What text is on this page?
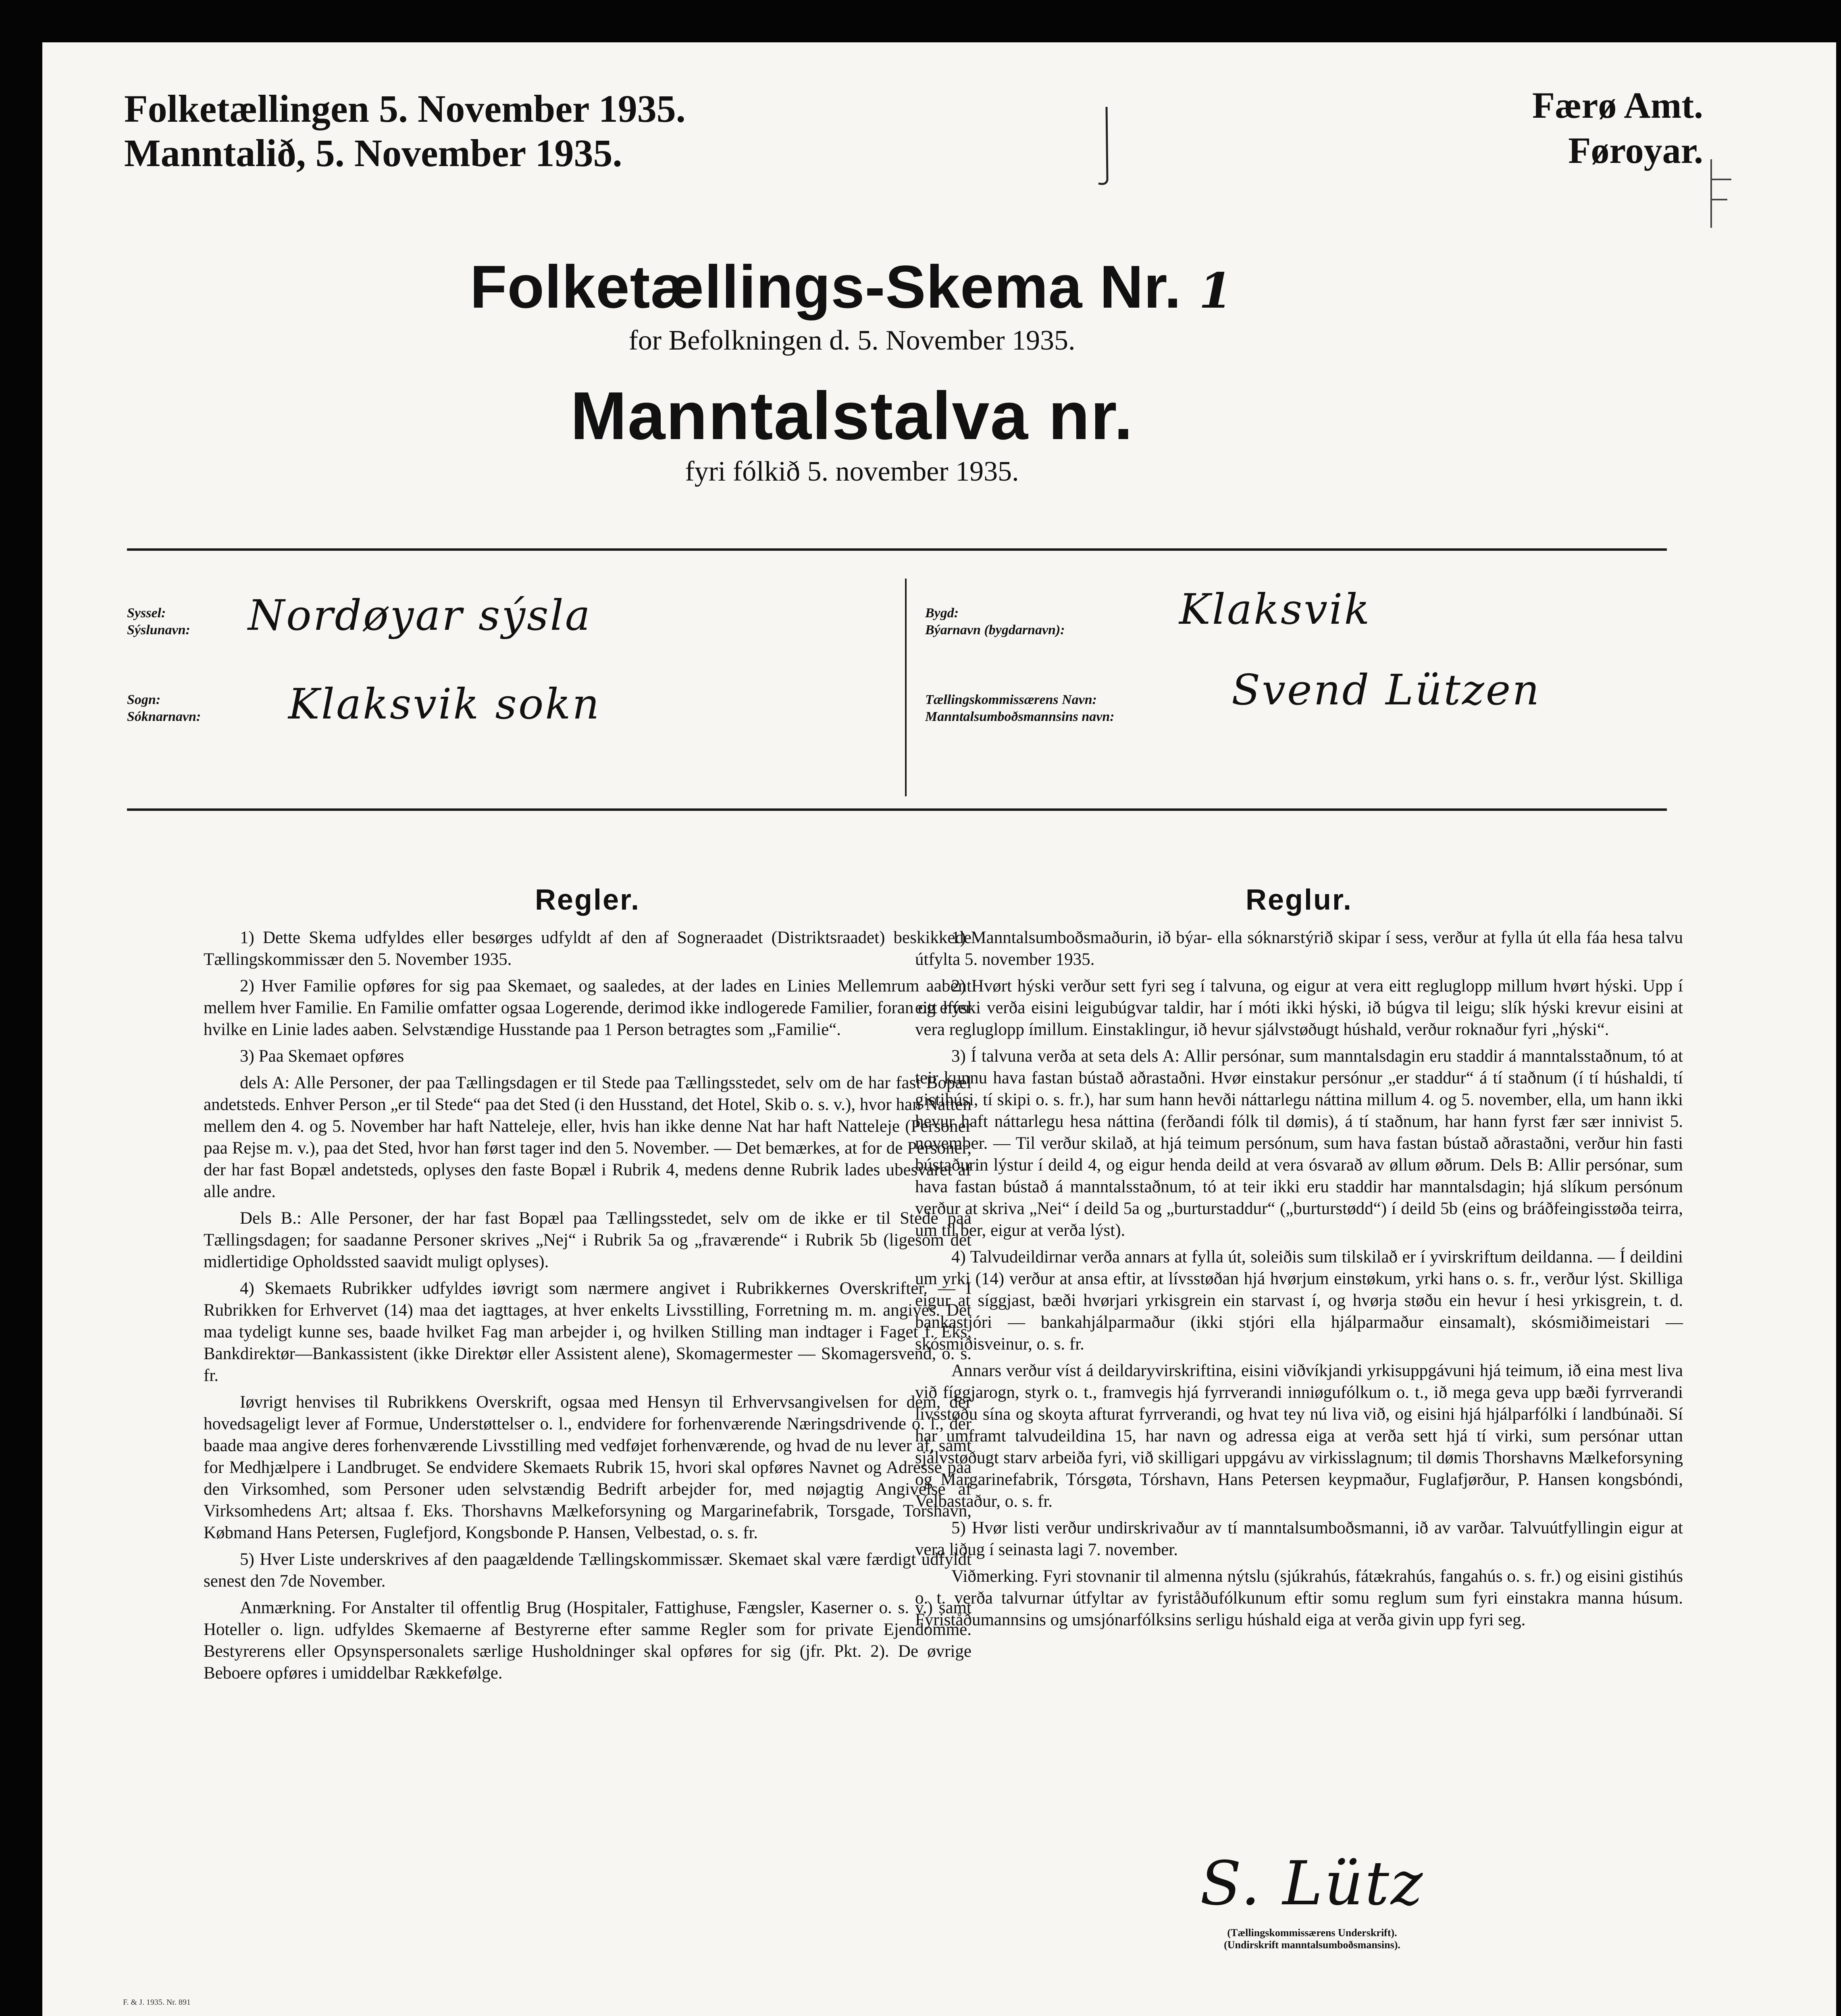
Folketællingen 5. November 1935.
Manntalið, 5. November 1935.
Færø Amt.
Føroyar.
Folketællings-Skema Nr. 1
for Befolkningen d. 5. November 1935.
Manntalstalva nr.
fyri fólkið 5. november 1935.
Syssel:
Sýslunavn: Nordøyar sýsla
Sogn:
Sóknarnavn: Klaksvik sokn
Bygd:
Býarnavn (bygdarnavn):	Klaksvik
Tællingskommissærens Navn:
Manntalsumboðsmannsins navn:
Svend Lützen
Regler.

1) Dette Skema udfyldes eller besørges udfyldt af den af Sogneraadet (Distriktsraadet) beskikkede Tællingskommissær den 5. November 1935.

2) Hver Familie opføres for sig paa Skemaet, og saaledes, at der lades en Linies Mellemrum aabent mellem hver Familie. En Familie omfatter ogsaa Logerende, derimod ikke indlogerede Familier, foran og efter hvilke en Linie lades aaben. Selvstændige Husstande paa 1 Person betragtes som „Familie“.

3) Paa Skemaet opføres

dels A: Alle Personer, der paa Tællingsdagen er til Stede paa Tællingsstedet, selv om de har fast Bopæl andetsteds. Enhver Person „er til Stede“ paa det Sted (i den Husstand, det Hotel, Skib o. s. v.), hvor han Natten mellem den 4. og 5. November har haft Natteleje, eller, hvis han ikke denne Nat har haft Natteleje (Personer paa Rejse m. v.), paa det Sted, hvor han først tager ind den 5. November. — Det bemærkes, at for de Personer, der har fast Bopæl andetsteds, oplyses den faste Bopæl i Rubrik 4, medens denne Rubrik lades ubesvaret af alle andre.

Dels B.: Alle Personer, der har fast Bopæl paa Tællingsstedet, selv om de ikke er til Stede paa Tællingsdagen; for saadanne Personer skrives „Nej“ i Rubrik 5a og „fraværende“ i Rubrik 5b (ligesom det midlertidige Opholdssted saavidt muligt oplyses).

4) Skemaets Rubrikker udfyldes iøvrigt som nærmere angivet i Rubrikkernes Overskrifter. — I Rubrikken for Erhvervet (14) maa det iagttages, at hver enkelts Livsstilling, Forretning m. m. angives. Det maa tydeligt kunne ses, baade hvilket Fag man arbejder i, og hvilken Stilling man indtager i Faget f. Eks. Bankdirektør—Bankassistent (ikke Direktør eller Assistent alene), Skomagermester — Skomagersvend, o. s. fr.

Iøvrigt henvises til Rubrikkens Overskrift, ogsaa med Hensyn til Erhvervsangivelsen for dem, der hovedsageligt lever af Formue, Understøttelser o. l., endvidere for forhenværende Næringsdrivende o. l., der baade maa angive deres forhenværende Livsstilling med vedføjet forhenværende, og hvad de nu lever af, samt for Medhjælpere i Landbruget. Se endvidere Skemaets Rubrik 15, hvori skal opføres Navnet og Adresse paa den Virksomhed, som Personer uden selvstændig Bedrift arbejder for, med nøjagtig Angivelse af Virksomhedens Art; altsaa f. Eks. Thorshavns Mælkeforsyning og Margarinefabrik, Torsgade, Torshavn, Købmand Hans Petersen, Fuglefjord, Kongsbonde P. Hansen, Velbestad, o. s. fr.

5) Hver Liste underskrives af den paagældende Tællingskommissær. Skemaet skal være færdigt udfyldt senest den 7de November.

Anmærkning. For Anstalter til offentlig Brug (Hospitaler, Fattighuse, Fængsler, Kaserner o. s. v.) samt Hoteller o. lign. udfyldes Skemaerne af Bestyrerne efter samme Regler som for private Ejendomme. Bestyrerens eller Opsynspersonalets særlige Husholdninger skal opføres for sig (jfr. Pkt. 2). De øvrige Beboere opføres i umiddelbar Rækkefølge.

Reglur.

1) Manntalsumboðsmaðurin, ið býar- ella sóknarstýrið skipar í sess, verður at fylla út ella fáa hesa talvu útfylta 5. november 1935.

2) Hvørt hýski verður sett fyri seg í talvuna, og eigur at vera eitt regluglopp millum hvørt hýski. Upp í eitt hýski verða eisini leigubúgvar taldir, har í móti ikki hýski, ið búgva til leigu; slík hýski krevur eisini at vera regluglopp ímillum. Einstaklingur, ið hevur sjálvstøðugt húshald, verður roknaður fyri „hýski“.

3) Í talvuna verða at seta dels A: Allir persónar, sum manntalsdagin eru staddir á manntalsstaðnum, tó at teir kunnu hava fastan bústað aðrastaðni. Hvør einstakur persónur „er staddur“ á tí staðnum (í tí húshaldi, tí gistihúsi, tí skipi o. s. fr.), har sum hann hevði náttarlegu náttina millum 4. og 5. november, ella, um hann ikki hevur haft náttarlegu hesa náttina (ferðandi fólk til dømis), á tí staðnum, har hann fyrst fær sær innivist 5. november. — Til verður skilað, at hjá teimum persónum, sum hava fastan bústað aðrastaðni, verður hin fasti bústaðurin lýstur í deild 4, og eigur henda deild at vera ósvarað av øllum øðrum. Dels B: Allir persónar, sum hava fastan bústað á manntalsstaðnum, tó at teir ikki eru staddir har manntalsdagin; hjá slíkum persónum verður at skriva „Nei“ í deild 5a og „burturstaddur“ („burturstødd“) í deild 5b (eins og bráðfeingisstøða teirra, um til ber, eigur at verða lýst).

4) Talvudeildirnar verða annars at fylla út, soleiðis sum tilskilað er í yvirskriftum deildanna. — Í deildini um yrki (14) verður at ansa eftir, at lívsstøðan hjá hvørjum einstøkum, yrki hans o. s. fr., verður lýst. Skilliga eigur at síggjast, bæði hvørjari yrkisgrein ein starvast í, og hvørja støðu ein hevur í hesi yrkisgrein, t. d. bankastjóri — bankahjálparmaður (ikki stjóri ella hjálparmaður einsamalt), skósmiðimeistari — skósmiðisveinur, o. s. fr.

Annars verður víst á deildaryvirskriftina, eisini viðvíkjandi yrkisuppgávuni hjá teimum, ið eina mest liva við fíggjarogn, styrk o. t., framvegis hjá fyrrverandi inniøgufólkum o. t., ið mega geva upp bæði fyrrverandi lívsstøðu sína og skoyta afturat fyrrverandi, og hvat tey nú liva við, og eisini hjá hjálparfólki í landbúnaði. Sí har umframt talvudeildina 15, har navn og adressa eiga at verða sett hjá tí virki, sum persónar uttan sjálvstøðugt starv arbeiða fyri, við skilligari uppgávu av virkisslagnum; til dømis Thorshavns Mælkeforsyning og Margarinefabrik, Tórsgøta, Tórshavn, Hans Petersen keypmaður, Fuglafjørður, P. Hansen kongsbóndi, Velbastaður, o. s. fr.

5) Hvør listi verður undirskrivaður av tí manntalsumboðsmanni, ið av varðar. Talvuútfyllingin eigur at vera liðug í seinasta lagi 7. november.

Viðmerking. Fyri stovnanir til almenna nýtslu (sjúkrahús, fátækrahús, fangahús o. s. fr.) og eisini gistihús o. t. verða talvurnar útfyltar av fyriståðufólkunum eftir somu reglum sum fyri einstakra manna húsum. Fyriståðumannsins og umsjónarfólksins serligu húshald eiga at verða givin upp fyri seg.

S. Lütz
(Tællingskommissærens Underskrift).
(Undirskrift manntalsumboðsmansins).
F. & J. 1935. Nr. 891
